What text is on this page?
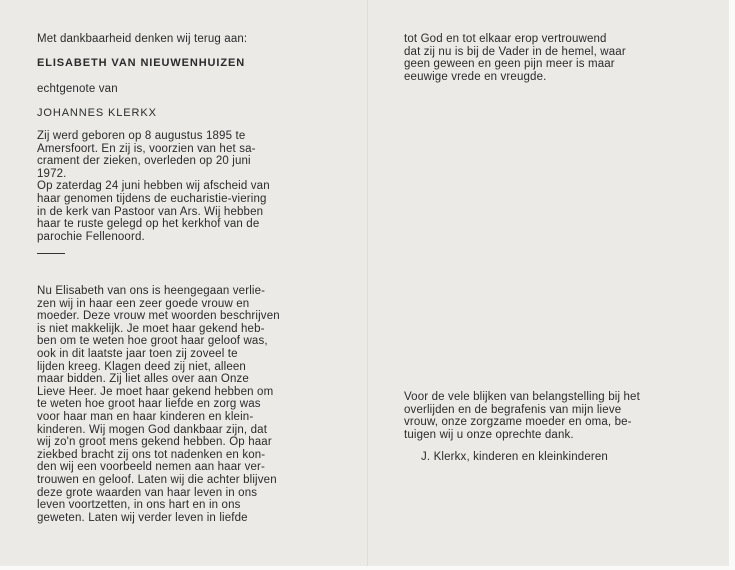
Met dankbaarheid denken wij terug aan:

ELISABETH VAN NIEUWENHUIZEN

echtgenote van

JOHANNES KLERKX

Zij werd geboren op 8 augustus 1895 te

Amersfoort. En zij is, voorzien van het sa-

crament der zieken, overleden op 20 juni

1972.

Op zaterdag 24 juni hebben wij afscheid van

haar genomen tijdens de eucharistie-viering

in de kerk van Pastoor van Ars. Wij hebben

haar te ruste gelegd op het kerkhof van de

parochie Fellenoord.

Nu Elisabeth van ons is heengegaan verlie-

zen wij in haar een zeer goede vrouw en

moeder. Deze vrouw met woorden beschrijven

is niet makkelijk. Je moet haar gekend heb-

ben om te weten hoe groot haar geloof was,

ook in dit laatste jaar toen zij zoveel te

lijden kreeg. Klagen deed zij niet, alleen

maar bidden. Zij liet alles over aan Onze

Lieve Heer. Je moet haar gekend hebben om

te weten hoe groot haar liefde en zorg was

voor haar man en haar kinderen en klein-

kinderen. Wij mogen God dankbaar zijn, dat

wij zo'n groot mens gekend hebben. Op haar

ziekbed bracht zij ons tot nadenken en kon-

den wij een voorbeeld nemen aan haar ver-

trouwen en geloof. Laten wij die achter blijven

deze grote waarden van haar leven in ons

leven voortzetten, in ons hart en in ons

geweten. Laten wij verder leven in liefde

tot God en tot elkaar erop vertrouwend

dat zij nu is bij de Vader in de hemel, waar

geen geween en geen pijn meer is maar

eeuwige vrede en vreugde.

Voor de vele blijken van belangstelling bij het

overlijden en de begrafenis van mijn lieve

vrouw, onze zorgzame moeder en oma, be-

tuigen wij u onze oprechte dank.

J. Klerkx, kinderen en kleinkinderen
